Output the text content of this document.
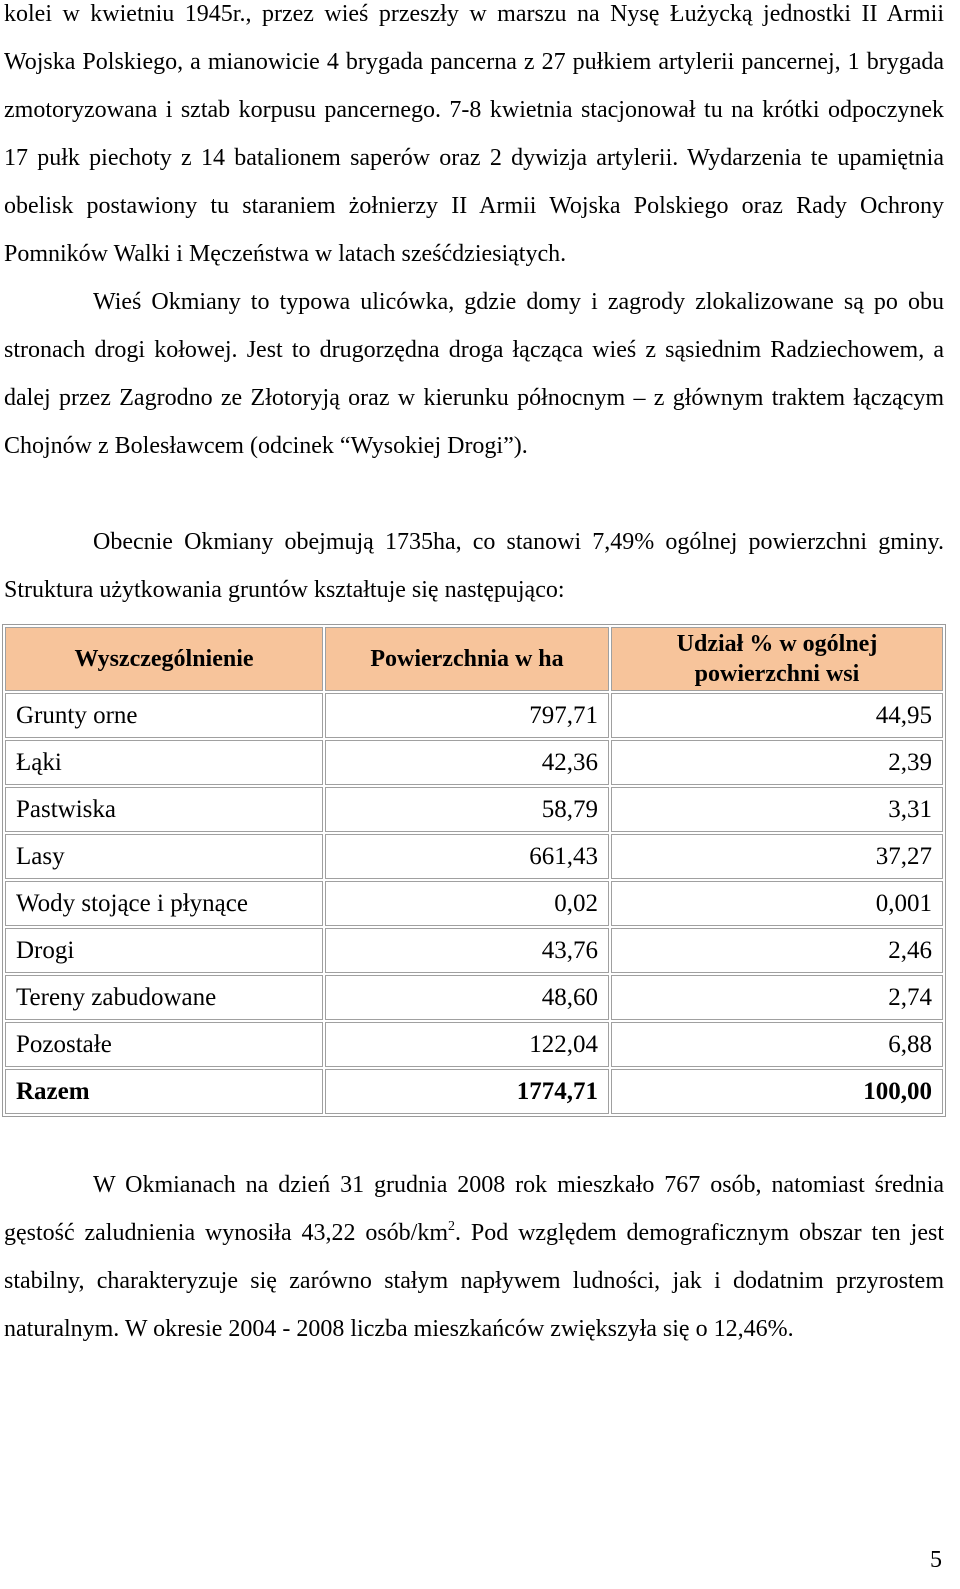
kolei w kwietniu 1945r., przez wieś przeszły w marszu na Nysę Łużycką jednostki II Armii Wojska Polskiego, a mianowicie 4 brygada pancerna z 27 pułkiem artylerii pancernej, 1 brygada zmotoryzowana i sztab korpusu pancernego. 7-8 kwietnia stacjonował tu na krótki odpoczynek 17 pułk piechoty z 14 batalionem saperów oraz 2 dywizja artylerii. Wydarzenia te upamiętnia obelisk postawiony tu staraniem żołnierzy II Armii Wojska Polskiego oraz Rady Ochrony Pomników Walki i Męczeństwa w latach sześćdziesiątych.

Wieś Okmiany to typowa ulicówka, gdzie domy i zagrody zlokalizowane są po obu stronach drogi kołowej. Jest to drugorzędna droga łącząca wieś z sąsiednim Radziechowem, a dalej przez Zagrodno ze Złotoryją oraz w kierunku północnym – z głównym traktem łączącym Chojnów z Bolesławcem (odcinek “Wysokiej Drogi”).

Obecnie Okmiany obejmują 1735ha, co stanowi 7,49% ogólnej powierzchni gminy. Struktura użytkowania gruntów kształtuje się następująco:

Wyszczególnienie	Powierzchnia w ha	Udział % w ogólnej powierzchni wsi
Grunty orne	797,71	44,95
Łąki	42,36	2,39
Pastwiska	58,79	3,31
Lasy	661,43	37,27
Wody stojące i płynące	0,02	0,001
Drogi	43,76	2,46
Tereny zabudowane	48,60	2,74
Pozostałe	122,04	6,88
Razem	1774,71	100,00

W Okmianach na dzień 31 grudnia 2008 rok mieszkało 767 osób, natomiast średnia gęstość zaludnienia wynosiła 43,22 osób/$km^2$. Pod względem demograficznym obszar ten jest stabilny, charakteryzuje się zarówno stałym napływem ludności, jak i dodatnim przyrostem naturalnym. W okresie 2004 - 2008 liczba mieszkańców zwiększyła się o 12,46%.

5
